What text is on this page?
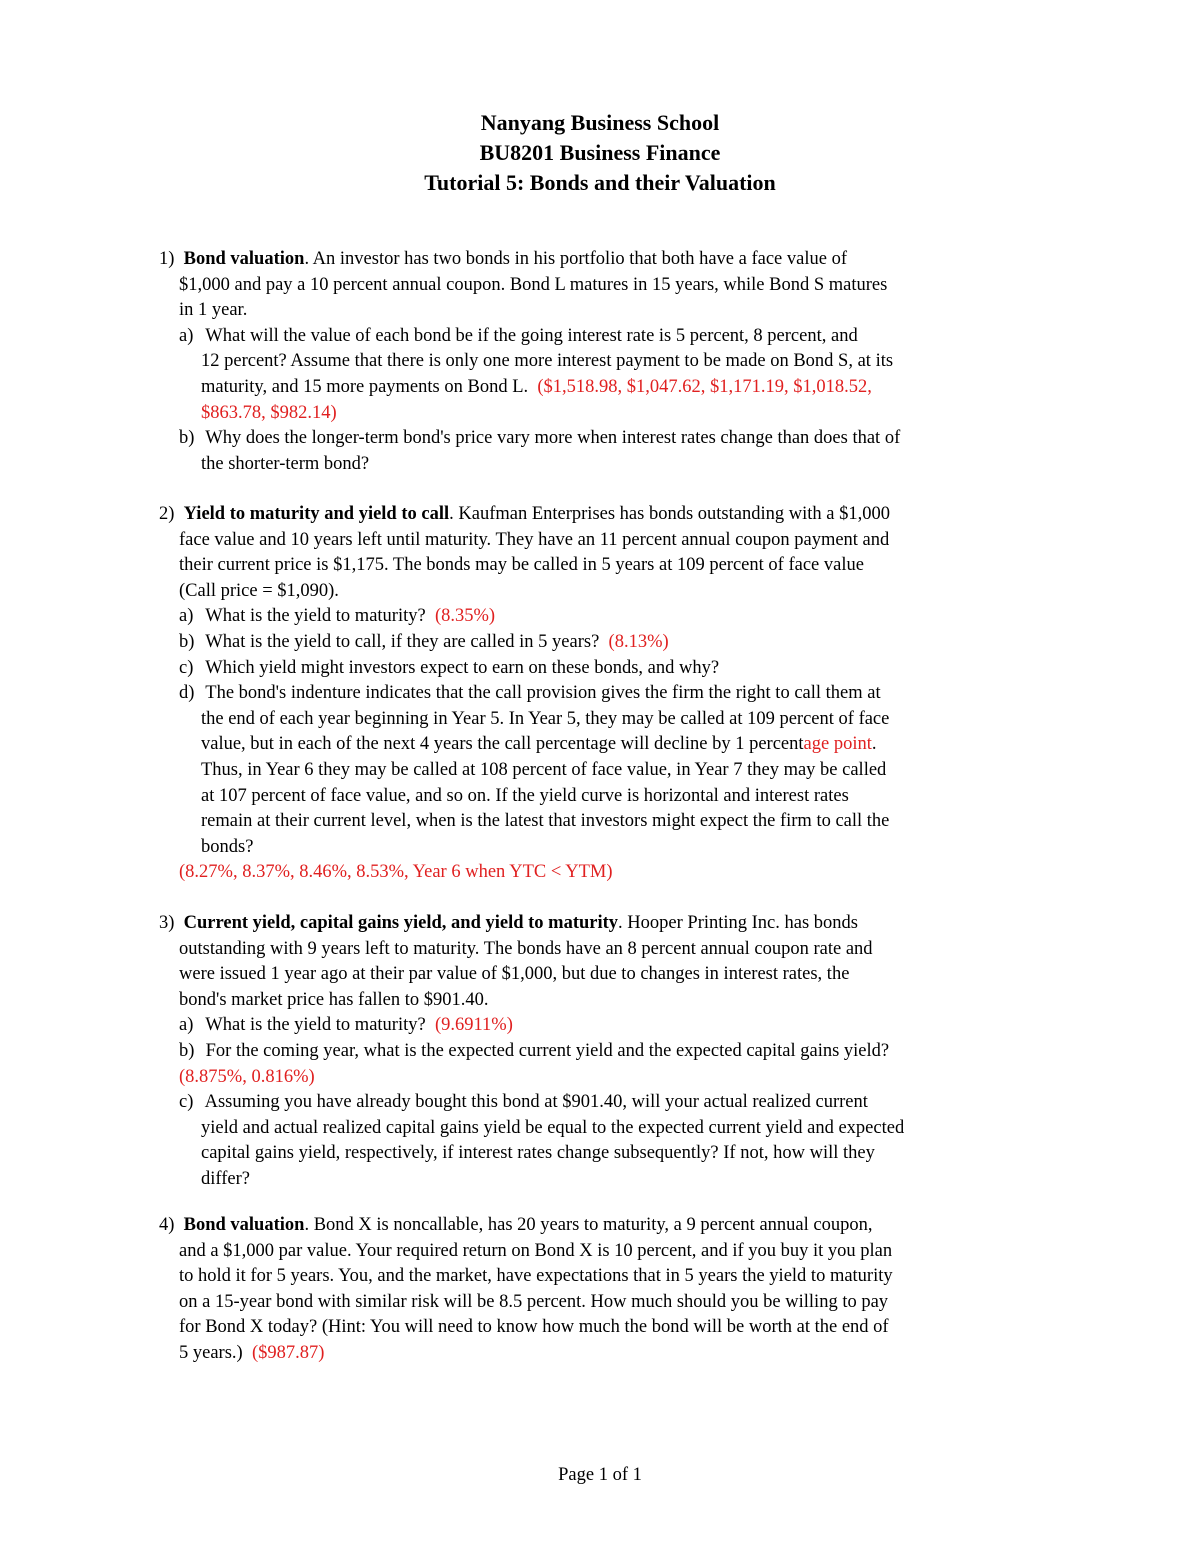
Nanyang Business School
BU8201 Business Finance
Tutorial 5: Bonds and their Valuation
1) Bond valuation. An investor has two bonds in his portfolio that both have a face value of
$1,000 and pay a 10 percent annual coupon. Bond L matures in 15 years, while Bond S matures
in 1 year.
a) What will the value of each bond be if the going interest rate is 5 percent, 8 percent, and
12 percent? Assume that there is only one more interest payment to be made on Bond S, at its
maturity, and 15 more payments on Bond L. ($1,518.98, $1,047.62, $1,171.19, $1,018.52,
$863.78, $982.14)
b) Why does the longer-term bond's price vary more when interest rates change than does that of
the shorter-term bond?
2) Yield to maturity and yield to call. Kaufman Enterprises has bonds outstanding with a $1,000
face value and 10 years left until maturity. They have an 11 percent annual coupon payment and
their current price is $1,175. The bonds may be called in 5 years at 109 percent of face value
(Call price = $1,090).
a) What is the yield to maturity? (8.35%)
b) What is the yield to call, if they are called in 5 years? (8.13%)
c) Which yield might investors expect to earn on these bonds, and why?
d) The bond's indenture indicates that the call provision gives the firm the right to call them at
the end of each year beginning in Year 5. In Year 5, they may be called at 109 percent of face
value, but in each of the next 4 years the call percentage will decline by 1 percentage point.
Thus, in Year 6 they may be called at 108 percent of face value, in Year 7 they may be called
at 107 percent of face value, and so on. If the yield curve is horizontal and interest rates
remain at their current level, when is the latest that investors might expect the firm to call the
bonds?
(8.27%, 8.37%, 8.46%, 8.53%, Year 6 when YTC < YTM)
3) Current yield, capital gains yield, and yield to maturity. Hooper Printing Inc. has bonds
outstanding with 9 years left to maturity. The bonds have an 8 percent annual coupon rate and
were issued 1 year ago at their par value of $1,000, but due to changes in interest rates, the
bond's market price has fallen to $901.40.
a) What is the yield to maturity? (9.6911%)
b) For the coming year, what is the expected current yield and the expected capital gains yield?
(8.875%, 0.816%)
c) Assuming you have already bought this bond at $901.40, will your actual realized current
yield and actual realized capital gains yield be equal to the expected current yield and expected
capital gains yield, respectively, if interest rates change subsequently? If not, how will they
differ?
4) Bond valuation. Bond X is noncallable, has 20 years to maturity, a 9 percent annual coupon,
and a $1,000 par value. Your required return on Bond X is 10 percent, and if you buy it you plan
to hold it for 5 years. You, and the market, have expectations that in 5 years the yield to maturity
on a 15-year bond with similar risk will be 8.5 percent. How much should you be willing to pay
for Bond X today? (Hint: You will need to know how much the bond will be worth at the end of
5 years.) ($987.87)
Page 1 of 1
